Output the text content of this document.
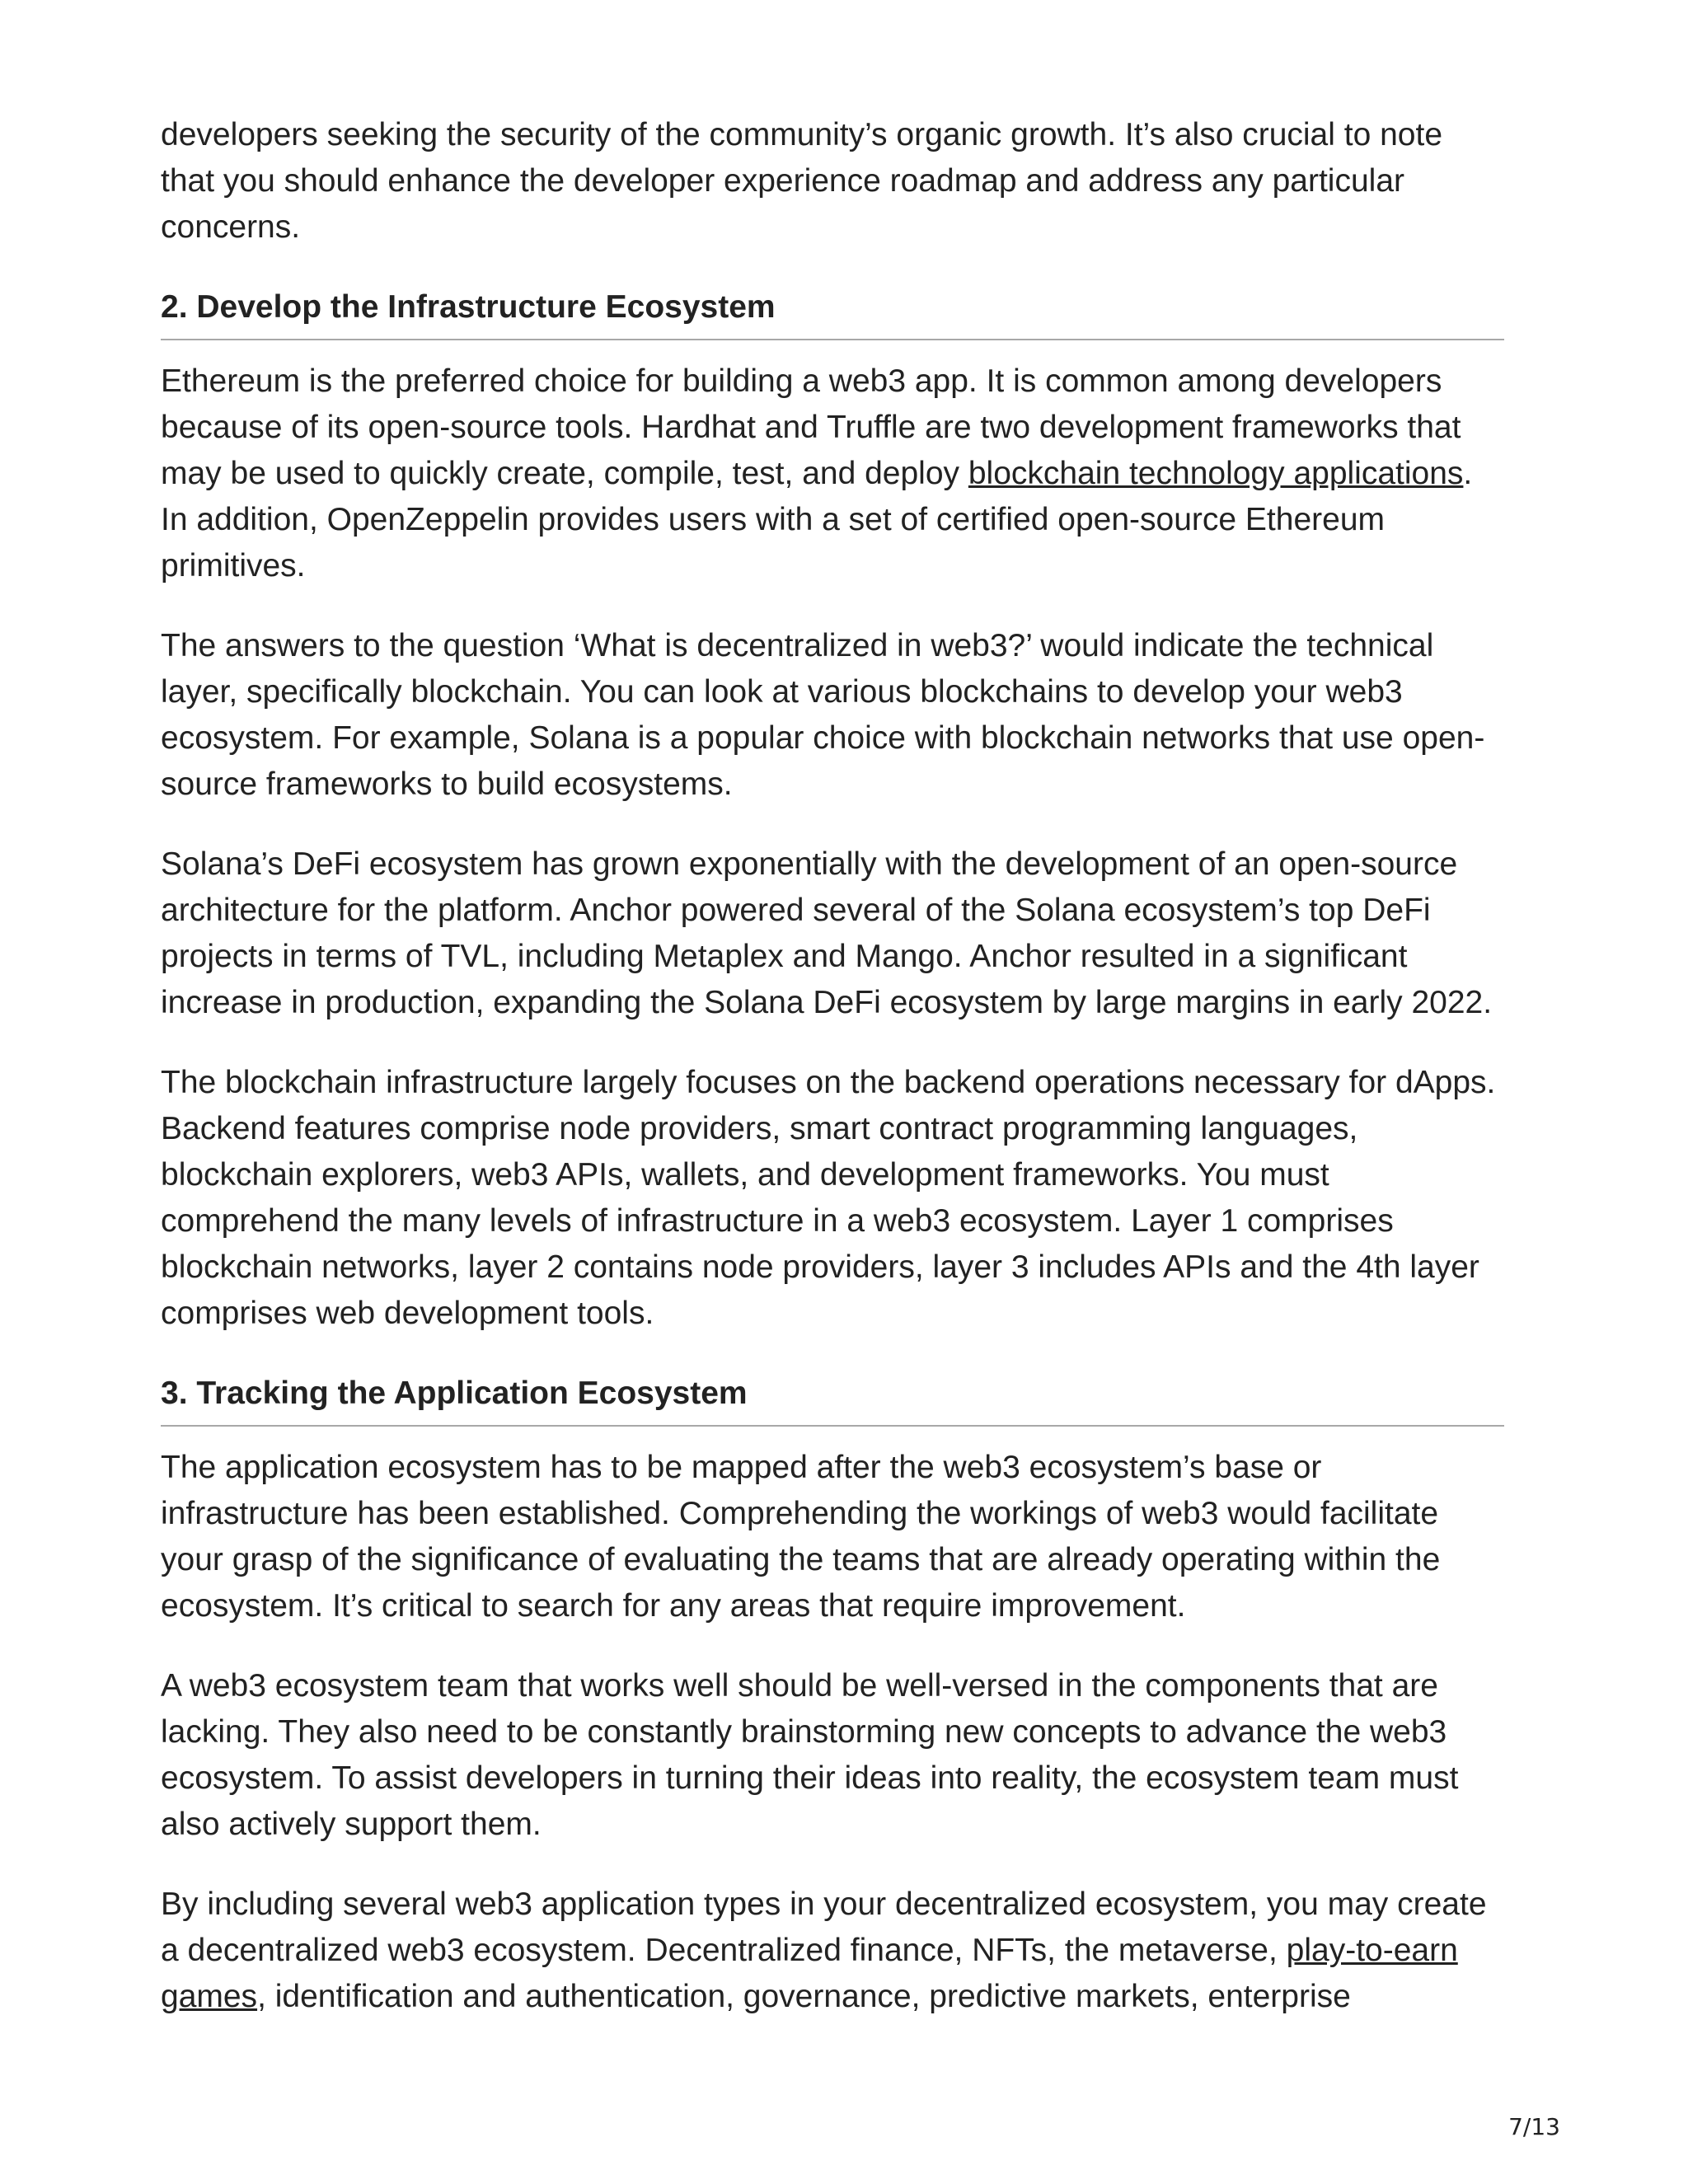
developers seeking the security of the community’s organic growth. It’s also crucial to note that you should enhance the developer experience roadmap and address any particular concerns.

2. Develop the Infrastructure Ecosystem

Ethereum is the preferred choice for building a web3 app. It is common among developers because of its open-source tools. Hardhat and Truffle are two development frameworks that may be used to quickly create, compile, test, and deploy blockchain technology applications. In addition, OpenZeppelin provides users with a set of certified open-source Ethereum primitives.

The answers to the question ‘What is decentralized in web3?’ would indicate the technical layer, specifically blockchain. You can look at various blockchains to develop your web3 ecosystem. For example, Solana is a popular choice with blockchain networks that use open-source frameworks to build ecosystems.

Solana’s DeFi ecosystem has grown exponentially with the development of an open-source architecture for the platform. Anchor powered several of the Solana ecosystem’s top DeFi projects in terms of TVL, including Metaplex and Mango. Anchor resulted in a significant increase in production, expanding the Solana DeFi ecosystem by large margins in early 2022.

The blockchain infrastructure largely focuses on the backend operations necessary for dApps. Backend features comprise node providers, smart contract programming languages, blockchain explorers, web3 APIs, wallets, and development frameworks. You must comprehend the many levels of infrastructure in a web3 ecosystem. Layer 1 comprises blockchain networks, layer 2 contains node providers, layer 3 includes APIs and the 4th layer comprises web development tools.

3. Tracking the Application Ecosystem

The application ecosystem has to be mapped after the web3 ecosystem’s base or infrastructure has been established. Comprehending the workings of web3 would facilitate your grasp of the significance of evaluating the teams that are already operating within the ecosystem. It’s critical to search for any areas that require improvement.

A web3 ecosystem team that works well should be well-versed in the components that are lacking. They also need to be constantly brainstorming new concepts to advance the web3 ecosystem. To assist developers in turning their ideas into reality, the ecosystem team must also actively support them.

By including several web3 application types in your decentralized ecosystem, you may create a decentralized web3 ecosystem. Decentralized finance, NFTs, the metaverse, play-to-earn games, identification and authentication, governance, predictive markets, enterprise

7/13
